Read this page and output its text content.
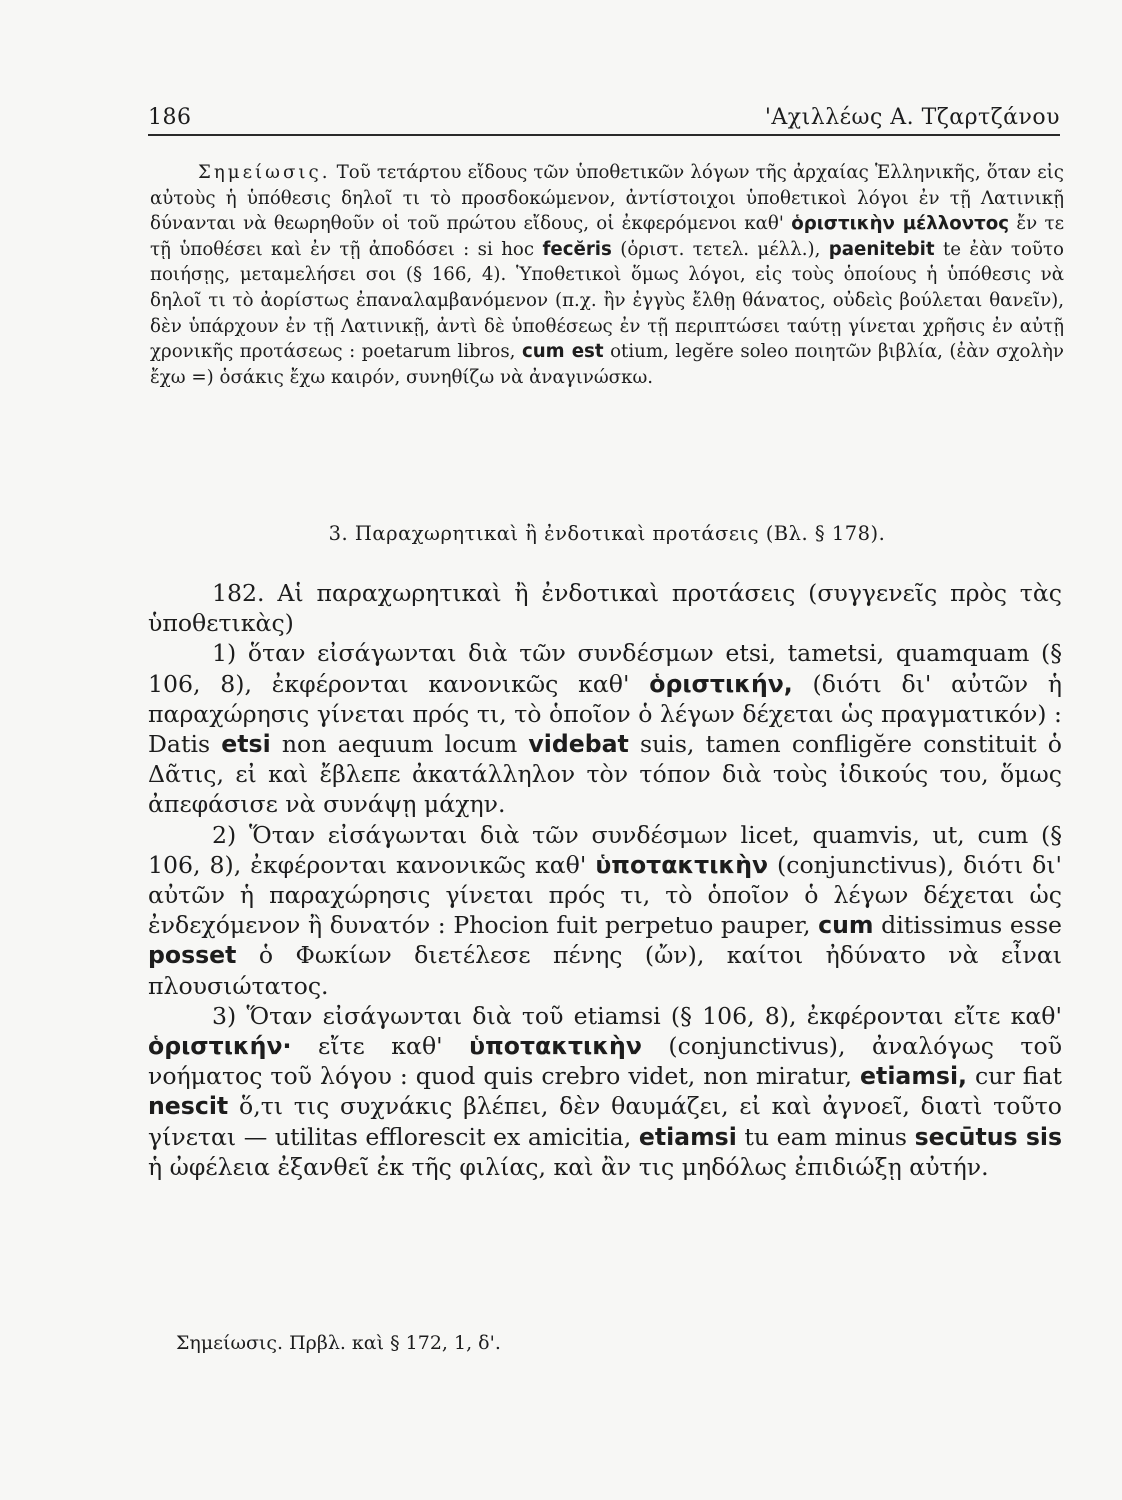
186	'Αχιλλέως Α. Τζαρτζάνου
Σημείωσις. Τοῦ τετάρτου εἴδους τῶν ὑποθετικῶν λόγων τῆς ἀρχαίας Ἑλληνικῆς, ὅταν εἰς αὐτοὺς ἡ ὑπόθεσις δηλοῖ τι τὸ προσδοκώμενον, ἀντίστοιχοι ὑποθετικοὶ λόγοι ἐν τῇ Λατινικῇ δύνανται νὰ θεωρηθοῦν οἱ τοῦ πρώτου εἴδους, οἱ ἐκφερόμενοι καθ' ὁριστικὴν μέλλοντος ἔν τε τῇ ὑποθέσει καὶ ἐν τῇ ἀποδόσει : si hoc fecĕris (ὁριστ. τετελ. μέλλ.), paenitebit te ἐὰν τοῦτο ποιήσῃς, μεταμελήσει σοι (§ 166, 4). Ὑποθετικοὶ ὅμως λόγοι, εἰς τοὺς ὁποίους ἡ ὑπόθεσις νὰ δηλοῖ τι τὸ ἀορίστως ἐπαναλαμβανόμενον (π.χ. ἢν ἐγγὺς ἔλθῃ θάνατος, οὐδεὶς βούλεται θανεῖν), δὲν ὑπάρχουν ἐν τῇ Λατινικῇ, ἀντὶ δὲ ὑποθέσεως ἐν τῇ περιπτώσει ταύτῃ γίνεται χρῆσις ἐν αὐτῇ χρονικῆς προτάσεως : poetarum libros, cum est otium, legĕre soleo ποιητῶν βιβλία, (ἐὰν σχολὴν ἔχω =) ὁσάκις ἔχω καιρόν, συνηθίζω νὰ ἀναγινώσκω.
3. Παραχωρητικαὶ ἢ ἐνδοτικαὶ προτάσεις (Βλ. § 178).

182. Αἱ παραχωρητικαὶ ἢ ἐνδοτικαὶ προτάσεις (συγγενεῖς πρὸς τὰς ὑποθετικὰς)

1) ὅταν εἰσάγωνται διὰ τῶν συνδέσμων etsi, tametsi, quamquam (§ 106, 8), ἐκφέρονται κανονικῶς καθ' ὁριστικήν, (διότι δι' αὐτῶν ἡ παραχώρησις γίνεται πρός τι, τὸ ὁποῖον ὁ λέγων δέχεται ὡς πραγματικόν) : Datis etsi non aequum locum videbat suis, tamen confligĕre constituit ὁ Δᾶτις, εἰ καὶ ἔβλεπε ἀκατάλληλον τὸν τόπον διὰ τοὺς ἰδικούς του, ὅμως ἀπεφάσισε νὰ συνάψῃ μάχην.

2) Ὅταν εἰσάγωνται διὰ τῶν συνδέσμων licet, quamvis, ut, cum (§ 106, 8), ἐκφέρονται κανονικῶς καθ' ὑποτακτικὴν (conjunctivus), διότι δι' αὐτῶν ἡ παραχώρησις γίνεται πρός τι, τὸ ὁποῖον ὁ λέγων δέχεται ὡς ἐνδεχόμενον ἢ δυνατόν : Phocion fuit perpetuo pauper, cum ditissimus esse posset ὁ Φωκίων διετέλεσε πένης (ὤν), καίτοι ἠδύνατο νὰ εἶναι πλουσιώτατος.

3) Ὅταν εἰσάγωνται διὰ τοῦ etiamsi (§ 106, 8), ἐκφέρονται εἴτε καθ' ὁριστικήν· εἴτε καθ' ὑποτακτικὴν (conjunctivus), ἀναλόγως τοῦ νοήματος τοῦ λόγου : quod quis crebro videt, non miratur, etiamsi, cur fiat nescit ὅ,τι τις συχνάκις βλέπει, δὲν θαυμάζει, εἰ καὶ ἀγνοεῖ, διατὶ τοῦτο γίνεται — utilitas efflorescit ex amicitia, etiamsi tu eam minus secūtus sis ἡ ὠφέλεια ἐξανθεῖ ἐκ τῆς φιλίας, καὶ ἂν τις μηδόλως ἐπιδιώξῃ αὐτήν.

Σημείωσις. Πρβλ. καὶ § 172, 1, δ'.
